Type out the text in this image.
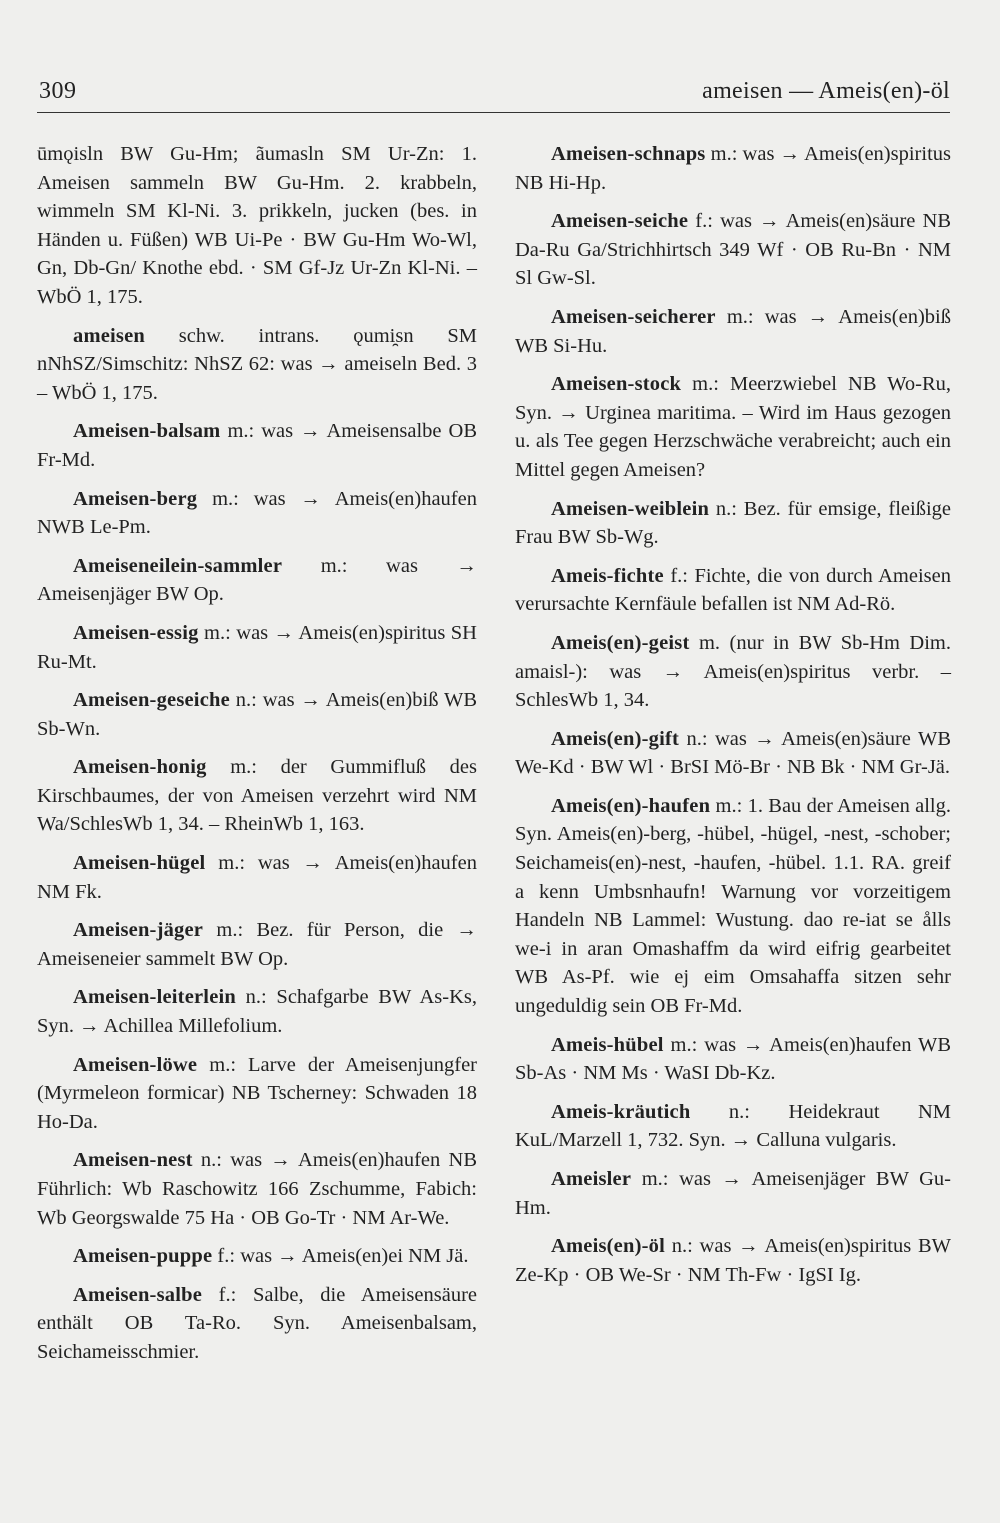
309	ameisen — Ameis(en)-öl

ūmǫisln BW Gu-Hm; ãumasln SM Ur-Zn: 1. Ameisen sammeln BW Gu-Hm. 2. krabbeln, wimmeln SM Kl-Ni. 3. prikkeln, jucken (bes. in Händen u. Füßen) WB Ui-Pe · BW Gu-Hm Wo-Wl, Gn, Db-Gn/ Knothe ebd. · SM Gf-Jz Ur-Zn Kl-Ni. – WbÖ 1, 175.

ameisen schw. intrans. ǫumi̯sn SM nNhSZ/Simschitz: NhSZ 62: was → ameiseln Bed. 3 – WbÖ 1, 175.

Ameisen-balsam m.: was → Ameisensalbe OB Fr-Md.

Ameisen-berg m.: was → Ameis(en)haufen NWB Le-Pm.

Ameiseneilein-sammler m.: was → Ameisenjäger BW Op.

Ameisen-essig m.: was → Ameis(en)spiritus SH Ru-Mt.

Ameisen-geseiche n.: was → Ameis(en)biß WB Sb-Wn.

Ameisen-honig m.: der Gummifluß des Kirschbaumes, der von Ameisen verzehrt wird NM Wa/SchlesWb 1, 34. – RheinWb 1, 163.

Ameisen-hügel m.: was → Ameis(en)haufen NM Fk.

Ameisen-jäger m.: Bez. für Person, die → Ameiseneier sammelt BW Op.

Ameisen-leiterlein n.: Schafgarbe BW As-Ks, Syn. → Achillea Millefolium.

Ameisen-löwe m.: Larve der Ameisenjungfer (Myrmeleon formicar) NB Tscherney: Schwaden 18 Ho-Da.

Ameisen-nest n.: was → Ameis(en)haufen NB Führlich: Wb Raschowitz 166 Zschumme, Fabich: Wb Georgswalde 75 Ha · OB Go-Tr · NM Ar-We.

Ameisen-puppe f.: was → Ameis(en)ei NM Jä.

Ameisen-salbe f.: Salbe, die Ameisensäure enthält OB Ta-Ro. Syn. Ameisenbalsam, Seichameisschmier.

Ameisen-schnaps m.: was → Ameis(en)spiritus NB Hi-Hp.

Ameisen-seiche f.: was → Ameis(en)säure NB Da-Ru Ga/Strichhirtsch 349 Wf · OB Ru-Bn · NM Sl Gw-Sl.

Ameisen-seicherer m.: was → Ameis(en)biß WB Si-Hu.

Ameisen-stock m.: Meerzwiebel NB Wo-Ru, Syn. → Urginea maritima. – Wird im Haus gezogen u. als Tee gegen Herzschwäche verabreicht; auch ein Mittel gegen Ameisen?

Ameisen-weiblein n.: Bez. für emsige, fleißige Frau BW Sb-Wg.

Ameis-fichte f.: Fichte, die von durch Ameisen verursachte Kernfäule befallen ist NM Ad-Rö.

Ameis(en)-geist m. (nur in BW Sb-Hm Dim. amaisl-): was → Ameis(en)spiritus verbr. – SchlesWb 1, 34.

Ameis(en)-gift n.: was → Ameis(en)säure WB We-Kd · BW Wl · BrSI Mö-Br · NB Bk · NM Gr-Jä.

Ameis(en)-haufen m.: 1. Bau der Ameisen allg. Syn. Ameis(en)-berg, -hübel, -hügel, -nest, -schober; Seichameis(en)-nest, -haufen, -hübel. 1.1. RA. greif a kenn Umbsnhaufn! Warnung vor vorzeitigem Handeln NB Lammel: Wustung. dao re-iat se ålls we-i in aran Omashaffm da wird eifrig gearbeitet WB As-Pf. wie ej eim Omsahaffa sitzen sehr ungeduldig sein OB Fr-Md.

Ameis-hübel m.: was → Ameis(en)haufen WB Sb-As · NM Ms · WaSI Db-Kz.

Ameis-kräutich n.: Heidekraut NM KuL/Marzell 1, 732. Syn. → Calluna vulgaris.

Ameisler m.: was → Ameisenjäger BW Gu-Hm.

Ameis(en)-öl n.: was → Ameis(en)spiritus BW Ze-Kp · OB We-Sr · NM Th-Fw · IgSI Ig.
